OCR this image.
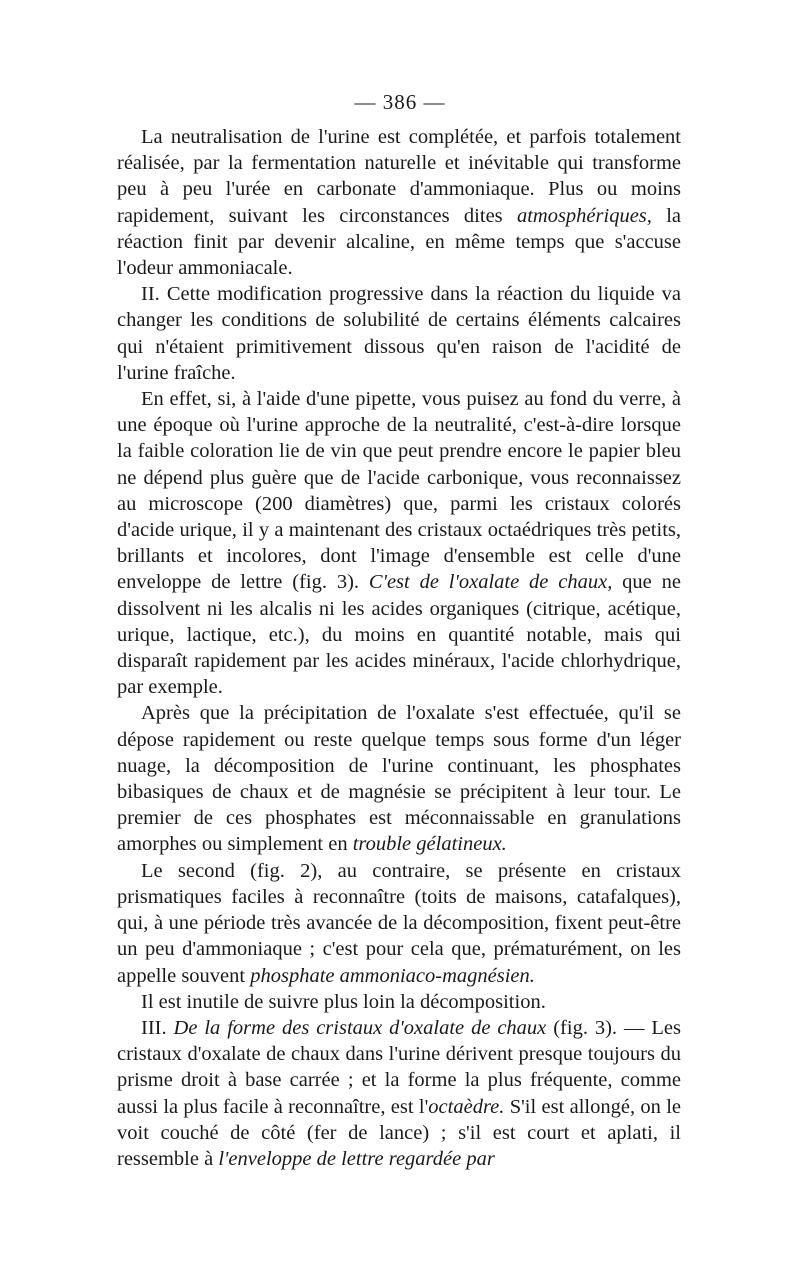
— 386 —

La neutralisation de l'urine est complétée, et parfois totalement réalisée, par la fermentation naturelle et inévitable qui transforme peu à peu l'urée en carbonate d'ammoniaque. Plus ou moins rapidement, suivant les circonstances dites atmosphériques, la réaction finit par devenir alcaline, en même temps que s'accuse l'odeur ammoniacale.

II. Cette modification progressive dans la réaction du liquide va changer les conditions de solubilité de certains éléments calcaires qui n'étaient primitivement dissous qu'en raison de l'acidité de l'urine fraîche.

En effet, si, à l'aide d'une pipette, vous puisez au fond du verre, à une époque où l'urine approche de la neutralité, c'est-à-dire lorsque la faible coloration lie de vin que peut prendre encore le papier bleu ne dépend plus guère que de l'acide carbonique, vous reconnaissez au microscope (200 diamètres) que, parmi les cristaux colorés d'acide urique, il y a maintenant des cristaux octaédriques très petits, brillants et incolores, dont l'image d'ensemble est celle d'une enveloppe de lettre (fig. 3). C'est de l'oxalate de chaux, que ne dissolvent ni les alcalis ni les acides organiques (citrique, acétique, urique, lactique, etc.), du moins en quantité notable, mais qui disparaît rapidement par les acides minéraux, l'acide chlorhydrique, par exemple.

Après que la précipitation de l'oxalate s'est effectuée, qu'il se dépose rapidement ou reste quelque temps sous forme d'un léger nuage, la décomposition de l'urine continuant, les phosphates bibasiques de chaux et de magnésie se précipitent à leur tour. Le premier de ces phosphates est méconnaissable en granulations amorphes ou simplement en trouble gélatineux.

Le second (fig. 2), au contraire, se présente en cristaux prismatiques faciles à reconnaître (toits de maisons, catafalques), qui, à une période très avancée de la décomposition, fixent peut-être un peu d'ammoniaque ; c'est pour cela que, prématurément, on les appelle souvent phosphate ammoniaco-magnésien.

Il est inutile de suivre plus loin la décomposition.

III. De la forme des cristaux d'oxalate de chaux (fig. 3). — Les cristaux d'oxalate de chaux dans l'urine dérivent presque toujours du prisme droit à base carrée ; et la forme la plus fréquente, comme aussi la plus facile à reconnaître, est l'octaèdre. S'il est allongé, on le voit couché de côté (fer de lance) ; s'il est court et aplati, il ressemble à l'enveloppe de lettre regardée par
